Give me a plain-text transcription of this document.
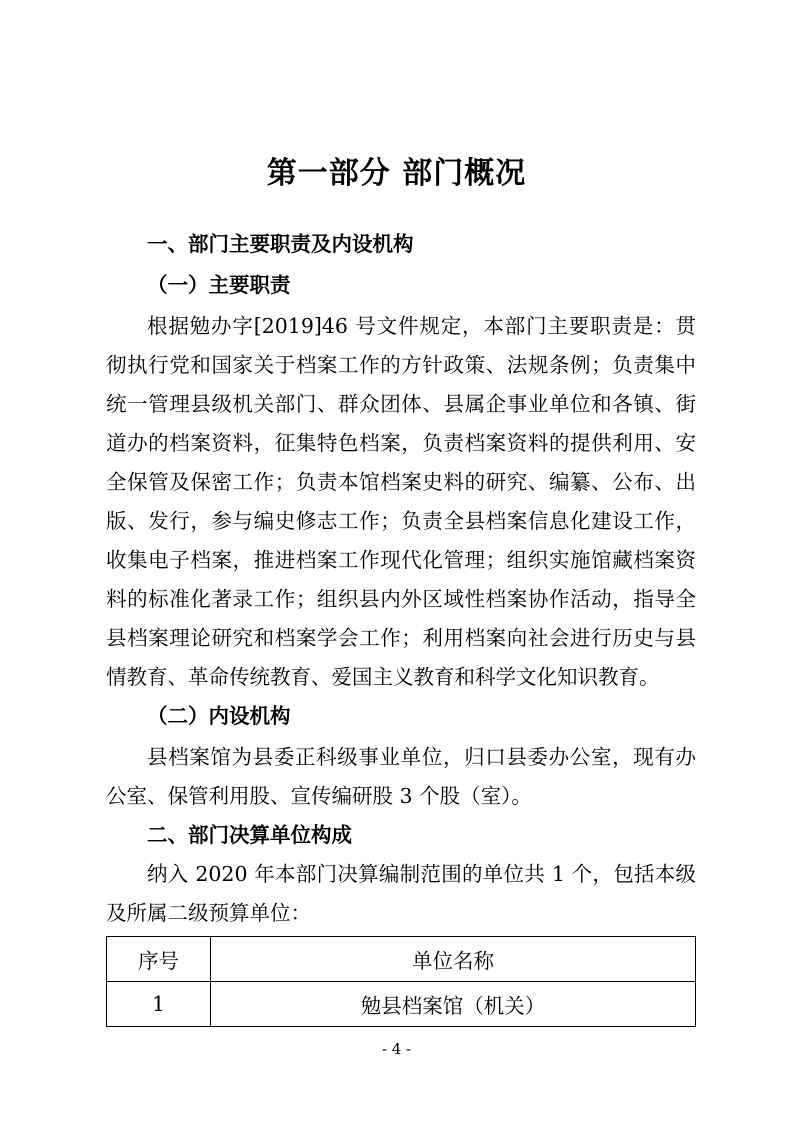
第一部分 部门概况

一、部门主要职责及内设机构

（一）主要职责

根据勉办字[2019]46 号文件规定，本部门主要职责是：贯

彻执行党和国家关于档案工作的方针政策、法规条例；负责集中

统一管理县级机关部门、群众团体、县属企事业单位和各镇、街

道办的档案资料，征集特色档案，负责档案资料的提供利用、安

全保管及保密工作；负责本馆档案史料的研究、编纂、公布、出

版、发行，参与编史修志工作；负责全县档案信息化建设工作，

收集电子档案，推进档案工作现代化管理；组织实施馆藏档案资

料的标准化著录工作；组织县内外区域性档案协作活动，指导全

县档案理论研究和档案学会工作；利用档案向社会进行历史与县

情教育、革命传统教育、爱国主义教育和科学文化知识教育。

（二）内设机构

县档案馆为县委正科级事业单位，归口县委办公室，现有办

公室、保管利用股、宣传编研股 3 个股（室）。

二、部门决算单位构成

纳入 2020 年本部门决算编制范围的单位共 1 个，包括本级

及所属二级预算单位：

序号	单位名称
1	勉县档案馆（机关）
- 4 -
